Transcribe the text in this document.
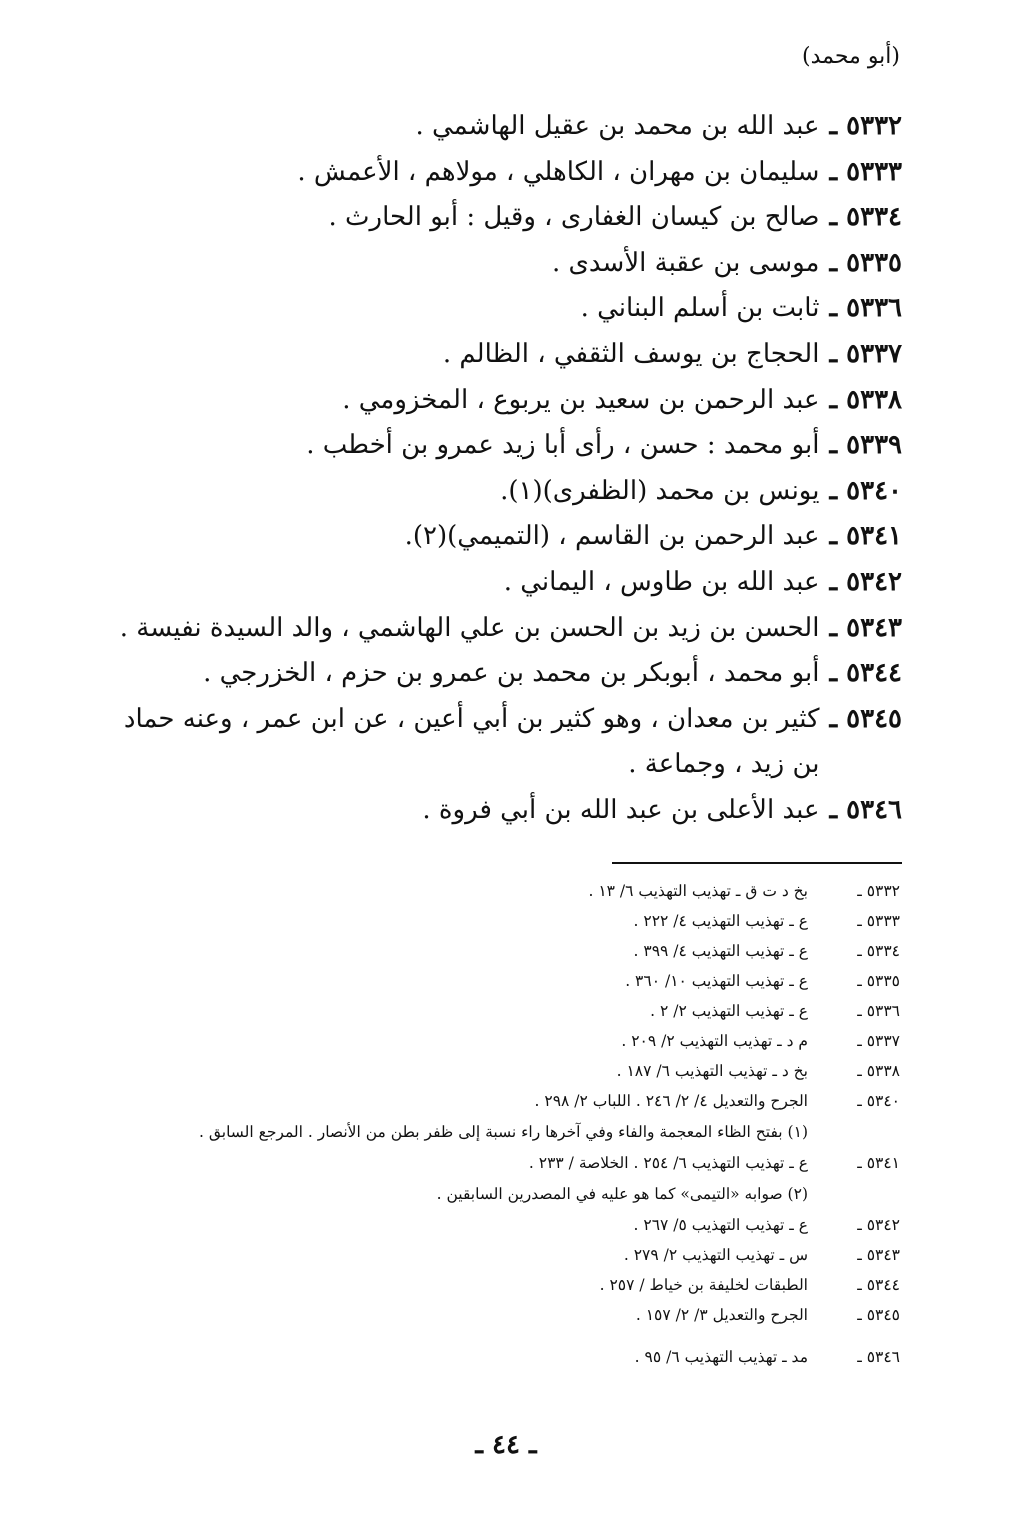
(أبو محمد)
٥٣٣٢ ـ
عبد الله بن محمد بن عقيل الهاشمي .
٥٣٣٣ ـ
سليمان بن مهران ، الكاهلي ، مولاهم ، الأعمش .
٥٣٣٤ ـ
صالح بن كيسان الغفارى ، وقيل : أبو الحارث .
٥٣٣٥ ـ
موسى بن عقبة الأسدى .
٥٣٣٦ ـ
ثابت بن أسلم البناني .
٥٣٣٧ ـ
الحجاج بن يوسف الثقفي ، الظالم .
٥٣٣٨ ـ
عبد الرحمن بن سعيد بن يربوع ، المخزومي .
٥٣٣٩ ـ
أبو محمد : حسن ، رأى أبا زيد عمرو بن أخطب .
٥٣٤٠ ـ
يونس بن محمد (الظفرى)(١).
٥٣٤١ ـ
عبد الرحمن بن القاسم ، (التميمي)(٢).
٥٣٤٢ ـ
عبد الله بن طاوس ، اليماني .
٥٣٤٣ ـ
الحسن بن زيد بن الحسن بن علي الهاشمي ، والد السيدة نفيسة .
٥٣٤٤ ـ
أبو محمد ، أبوبكر بن محمد بن عمرو بن حزم ، الخزرجي .
٥٣٤٥ ـ
كثير بن معدان ، وهو كثير بن أبي أعين ، عن ابن عمر ، وعنه حماد بن زيد ، وجماعة .
٥٣٤٦ ـ
عبد الأعلى بن عبد الله بن أبي فروة .
٥٣٣٢ ـ
بخ د ت ق ـ تهذيب التهذيب ٦/ ١٣ .
٥٣٣٣ ـ
ع ـ تهذيب التهذيب ٤/ ٢٢٢ .
٥٣٣٤ ـ
ع ـ تهذيب التهذيب ٤/ ٣٩٩ .
٥٣٣٥ ـ
ع ـ تهذيب التهذيب ١٠/ ٣٦٠ .
٥٣٣٦ ـ
ع ـ تهذيب التهذيب ٢/ ٢ .
٥٣٣٧ ـ
م د ـ تهذيب التهذيب ٢/ ٢٠٩ .
٥٣٣٨ ـ
بخ د ـ تهذيب التهذيب ٦/ ١٨٧ .
٥٣٤٠ ـ
الجرح والتعديل ٤/ ٢/ ٢٤٦ . اللباب ٢/ ٢٩٨ .
(١) بفتح الظاء المعجمة والفاء وفي آخرها راء نسبة إلى ظفر بطن من الأنصار . المرجع السابق .
٥٣٤١ ـ
ع ـ تهذيب التهذيب ٦/ ٢٥٤ . الخلاصة / ٢٣٣ .
(٢) صوابه «التيمى» كما هو عليه في المصدرين السابقين .
٥٣٤٢ ـ
ع ـ تهذيب التهذيب ٥/ ٢٦٧ .
٥٣٤٣ ـ
س ـ تهذيب التهذيب ٢/ ٢٧٩ .
٥٣٤٤ ـ
الطبقات لخليفة بن خياط / ٢٥٧ .
٥٣٤٥ ـ
الجرح والتعديل ٣/ ٢/ ١٥٧ .
٥٣٤٦ ـ
مد ـ تهذيب التهذيب ٦/ ٩٥ .
ـ ٤٤ ـ
